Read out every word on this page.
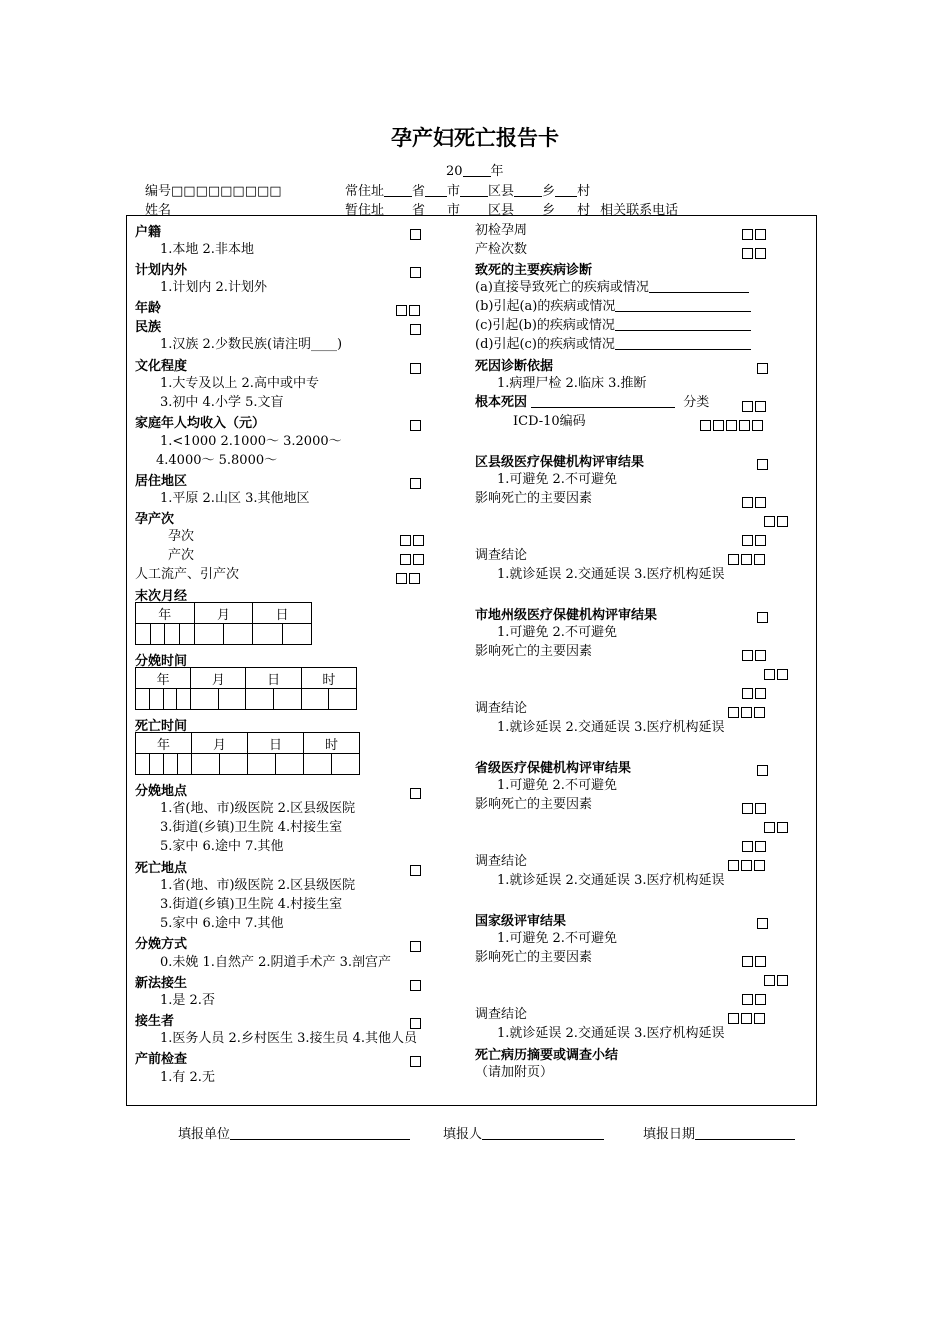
孕产妇死亡报告卡
20 年
编号□□□□□□□□□
姓名
常住址 省 市 区县 乡 村
暂住址 省 市 区县 乡 村 相关联系电话
户籍
1.本地 2.非本地
计划内外
1.计划内 2.计划外
年龄
民族
1.汉族 2.少数民族(请注明____)
文化程度
1.大专及以上 2.高中或中专
3.初中 4.小学 5.文盲
家庭年人均收入（元）
1.<1000 2.1000～ 3.2000～
4.4000～ 5.8000～
居住地区
1.平原 2.山区 3.其他地区
孕产次
孕次
产次
人工流产、引产次
末次月经
年				月		日	

分娩时间
年				月		日		时	

死亡时间
年				月		日		时	

分娩地点
1.省(地、市)级医院 2.区县级医院
3.街道(乡镇)卫生院 4.村接生室
5.家中 6.途中 7.其他
死亡地点
1.省(地、市)级医院 2.区县级医院
3.街道(乡镇)卫生院 4.村接生室
5.家中 6.途中 7.其他
分娩方式
0.未娩 1.自然产 2.阴道手术产 3.剖宫产
新法接生
1.是 2.否
接生者
1.医务人员 2.乡村医生 3.接生员 4.其他人员
产前检查
1.有 2.无
初检孕周
产检次数
致死的主要疾病诊断
(a)直接导致死亡的疾病或情况
(b)引起(a)的疾病或情况
(c)引起(b)的疾病或情况
(d)引起(c)的疾病或情况
死因诊断依据
1.病理尸检 2.临床 3.推断
根本死因	分类
ICD-10编码
区县级医疗保健机构评审结果
1.可避免 2.不可避免
影响死亡的主要因素
调查结论
1.就诊延误 2.交通延误 3.医疗机构延误
市地州级医疗保健机构评审结果
1.可避免 2.不可避免
影响死亡的主要因素
调查结论
1.就诊延误 2.交通延误 3.医疗机构延误
省级医疗保健机构评审结果
1.可避免 2.不可避免
影响死亡的主要因素
调查结论
1.就诊延误 2.交通延误 3.医疗机构延误
国家级评审结果
1.可避免 2.不可避免
影响死亡的主要因素
调查结论
1.就诊延误 2.交通延误 3.医疗机构延误
死亡病历摘要或调查小结
（请加附页）
填报单位	填报人	填报日期
